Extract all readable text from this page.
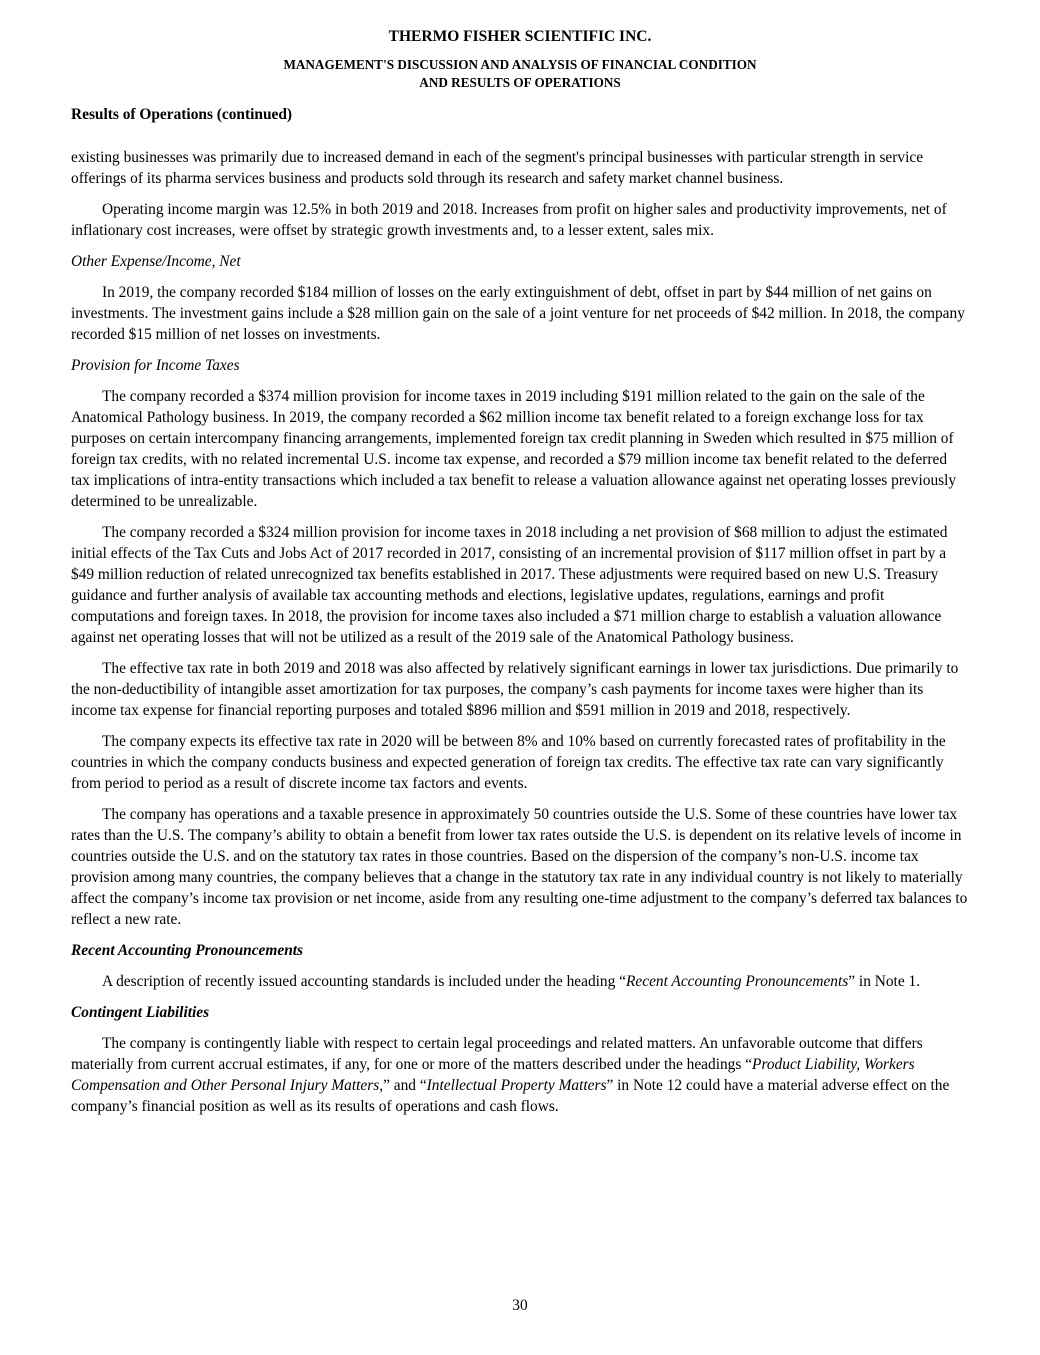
THERMO FISHER SCIENTIFIC INC.

MANAGEMENT'S DISCUSSION AND ANALYSIS OF FINANCIAL CONDITION
AND RESULTS OF OPERATIONS

Results of Operations (continued)

existing businesses was primarily due to increased demand in each of the segment's principal businesses with particular strength in service offerings of its pharma services business and products sold through its research and safety market channel business.

Operating income margin was 12.5% in both 2019 and 2018. Increases from profit on higher sales and productivity improvements, net of inflationary cost increases, were offset by strategic growth investments and, to a lesser extent, sales mix.

Other Expense/Income, Net

In 2019, the company recorded $184 million of losses on the early extinguishment of debt, offset in part by $44 million of net gains on investments. The investment gains include a $28 million gain on the sale of a joint venture for net proceeds of $42 million. In 2018, the company recorded $15 million of net losses on investments.

Provision for Income Taxes

The company recorded a $374 million provision for income taxes in 2019 including $191 million related to the gain on the sale of the Anatomical Pathology business. In 2019, the company recorded a $62 million income tax benefit related to a foreign exchange loss for tax purposes on certain intercompany financing arrangements, implemented foreign tax credit planning in Sweden which resulted in $75 million of foreign tax credits, with no related incremental U.S. income tax expense, and recorded a $79 million income tax benefit related to the deferred tax implications of intra-entity transactions which included a tax benefit to release a valuation allowance against net operating losses previously determined to be unrealizable.

The company recorded a $324 million provision for income taxes in 2018 including a net provision of $68 million to adjust the estimated initial effects of the Tax Cuts and Jobs Act of 2017 recorded in 2017, consisting of an incremental provision of $117 million offset in part by a $49 million reduction of related unrecognized tax benefits established in 2017. These adjustments were required based on new U.S. Treasury guidance and further analysis of available tax accounting methods and elections, legislative updates, regulations, earnings and profit computations and foreign taxes. In 2018, the provision for income taxes also included a $71 million charge to establish a valuation allowance against net operating losses that will not be utilized as a result of the 2019 sale of the Anatomical Pathology business.

The effective tax rate in both 2019 and 2018 was also affected by relatively significant earnings in lower tax jurisdictions. Due primarily to the non-deductibility of intangible asset amortization for tax purposes, the company’s cash payments for income taxes were higher than its income tax expense for financial reporting purposes and totaled $896 million and $591 million in 2019 and 2018, respectively.

The company expects its effective tax rate in 2020 will be between 8% and 10% based on currently forecasted rates of profitability in the countries in which the company conducts business and expected generation of foreign tax credits. The effective tax rate can vary significantly from period to period as a result of discrete income tax factors and events.

The company has operations and a taxable presence in approximately 50 countries outside the U.S. Some of these countries have lower tax rates than the U.S. The company’s ability to obtain a benefit from lower tax rates outside the U.S. is dependent on its relative levels of income in countries outside the U.S. and on the statutory tax rates in those countries. Based on the dispersion of the company’s non-U.S. income tax provision among many countries, the company believes that a change in the statutory tax rate in any individual country is not likely to materially affect the company’s income tax provision or net income, aside from any resulting one-time adjustment to the company’s deferred tax balances to reflect a new rate.

Recent Accounting Pronouncements

A description of recently issued accounting standards is included under the heading “Recent Accounting Pronouncements” in Note 1.

Contingent Liabilities

The company is contingently liable with respect to certain legal proceedings and related matters. An unfavorable outcome that differs materially from current accrual estimates, if any, for one or more of the matters described under the headings “Product Liability, Workers Compensation and Other Personal Injury Matters,” and “Intellectual Property Matters” in Note 12 could have a material adverse effect on the company’s financial position as well as its results of operations and cash flows.

30
